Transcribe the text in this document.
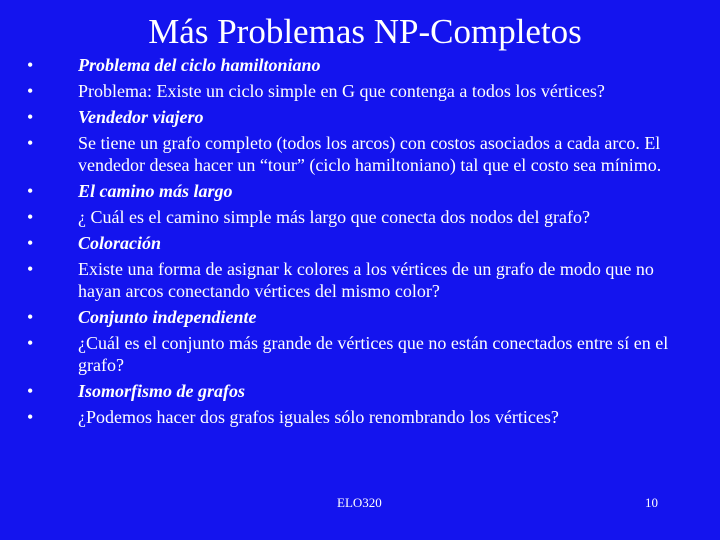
Más Problemas NP-Completos
• Problema del ciclo hamiltoniano
• Problema: Existe un ciclo simple en G que contenga a todos los vértices?
• Vendedor viajero
• Se tiene un grafo completo (todos los arcos) con costos asociados a cada arco. El vendedor desea hacer un “tour” (ciclo hamiltoniano) tal que el costo sea mínimo.
• El camino más largo
• ¿ Cuál es el camino simple más largo que conecta dos nodos del grafo?
• Coloración
• Existe una forma de asignar k colores a los vértices de un grafo de modo que no hayan arcos conectando vértices del mismo color?
• Conjunto independiente
• ¿Cuál es el conjunto más grande de vértices que no están conectados entre sí en el grafo?
• Isomorfismo de grafos
• ¿Podemos hacer dos grafos iguales sólo renombrando los vértices?
ELO320	10
